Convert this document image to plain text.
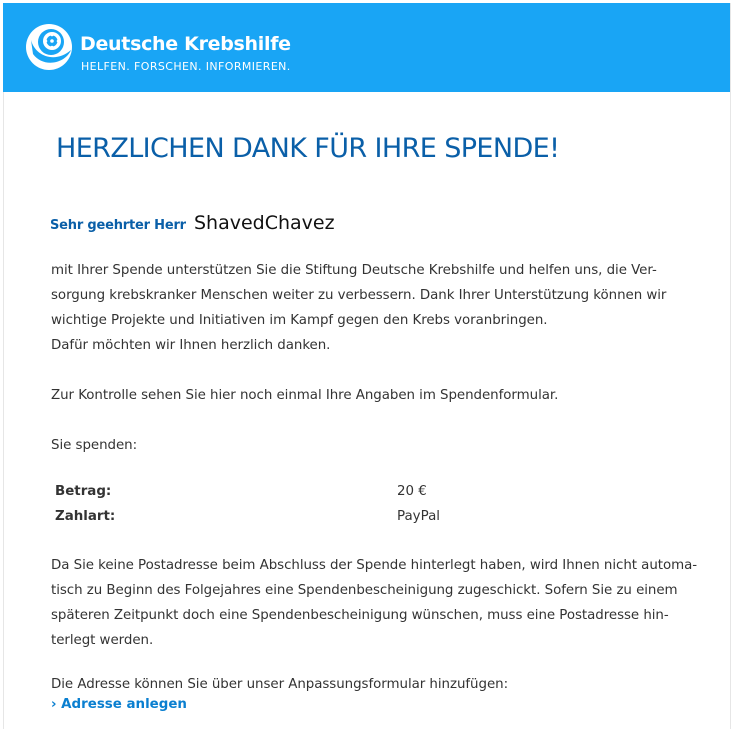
Deutsche Krebshilfe
HELFEN. FORSCHEN. INFORMIEREN.
HERZLICHEN DANK FÜR IHRE SPENDE!
Sehr geehrter Herr ShavedChavez

mit Ihrer Spende unterstützen Sie die Stiftung Deutsche Krebshilfe und helfen uns, die Ver-
sorgung krebskranker Menschen weiter zu verbessern. Dank Ihrer Unterstützung können wir
wichtige Projekte und Initiativen im Kampf gegen den Krebs voranbringen.
Dafür möchten wir Ihnen herzlich danken.

Zur Kontrolle sehen Sie hier noch einmal Ihre Angaben im Spendenformular.

Sie spenden:

Betrag:	20 €
Zahlart:	PayPal

Da Sie keine Postadresse beim Abschluss der Spende hinterlegt haben, wird Ihnen nicht automa-
tisch zu Beginn des Folgejahres eine Spendenbescheinigung zugeschickt. Sofern Sie zu einem
späteren Zeitpunkt doch eine Spendenbescheinigung wünschen, muss eine Postadresse hin-
terlegt werden.

Die Adresse können Sie über unser Anpassungsformular hinzufügen:

› Adresse anlegen
